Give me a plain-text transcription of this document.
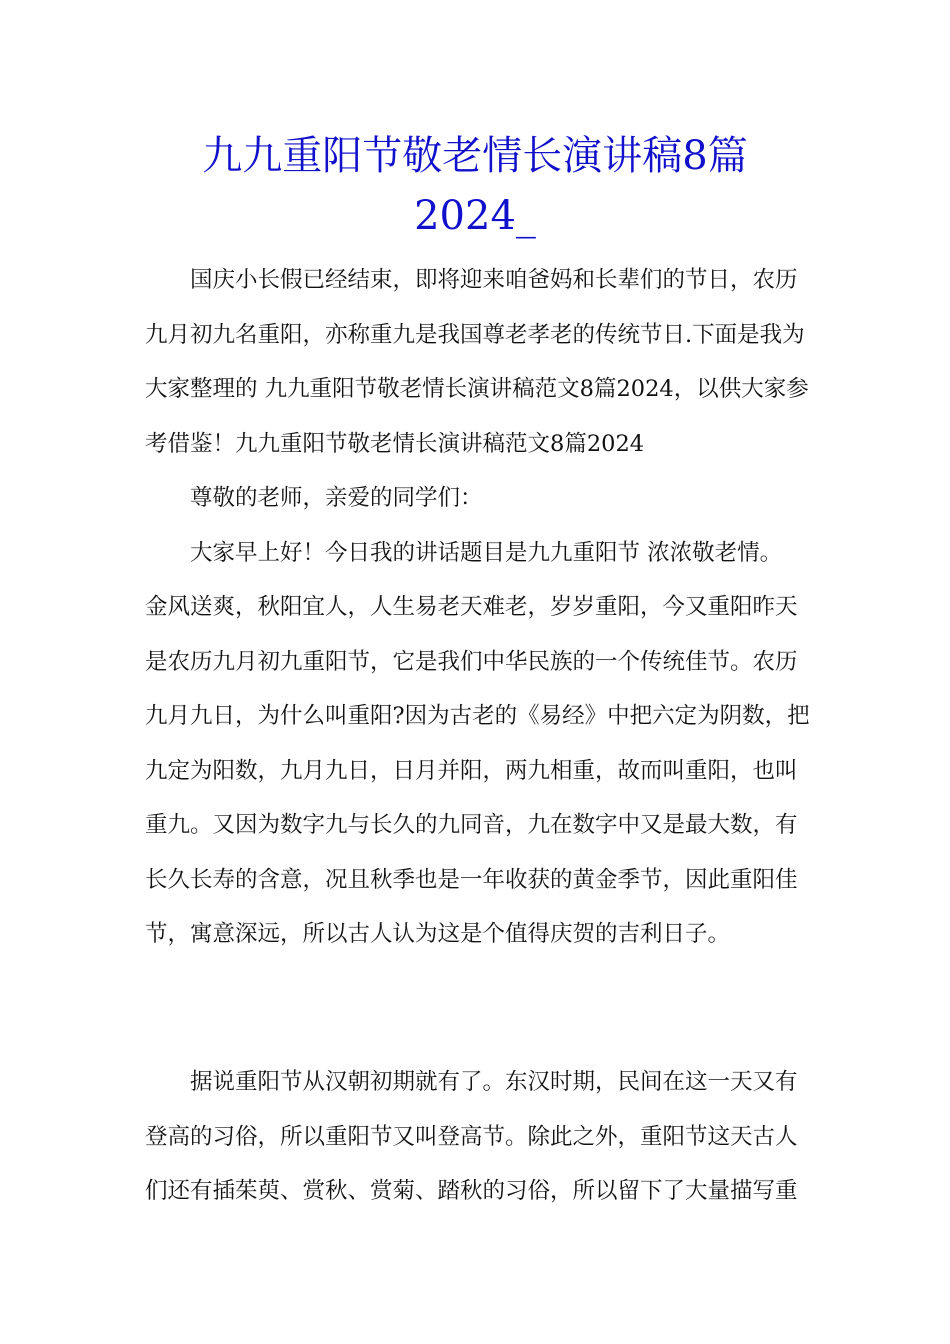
九九重阳节敬老情长演讲稿8篇
2024_
国庆小长假已经结束，即将迎来咱爸妈和长辈们的节日，农历
九月初九名重阳，亦称重九是我国尊老孝老的传统节日.下面是我为
大家整理的 九九重阳节敬老情长演讲稿范文8篇2024，以供大家参
考借鉴！九九重阳节敬老情长演讲稿范文8篇2024
尊敬的老师，亲爱的同学们：
大家早上好！今日我的讲话题目是九九重阳节 浓浓敬老情。
金风送爽，秋阳宜人，人生易老天难老，岁岁重阳，今又重阳昨天
是农历九月初九重阳节，它是我们中华民族的一个传统佳节。农历
九月九日，为什么叫重阳?因为古老的《易经》中把六定为阴数，把
九定为阳数，九月九日，日月并阳，两九相重，故而叫重阳，也叫
重九。又因为数字九与长久的九同音，九在数字中又是最大数，有
长久长寿的含意，况且秋季也是一年收获的黄金季节，因此重阳佳
节，寓意深远，所以古人认为这是个值得庆贺的吉利日子。
据说重阳节从汉朝初期就有了。东汉时期，民间在这一天又有
登高的习俗，所以重阳节又叫登高节。除此之外，重阳节这天古人
们还有插茱萸、赏秋、赏菊、踏秋的习俗，所以留下了大量描写重
